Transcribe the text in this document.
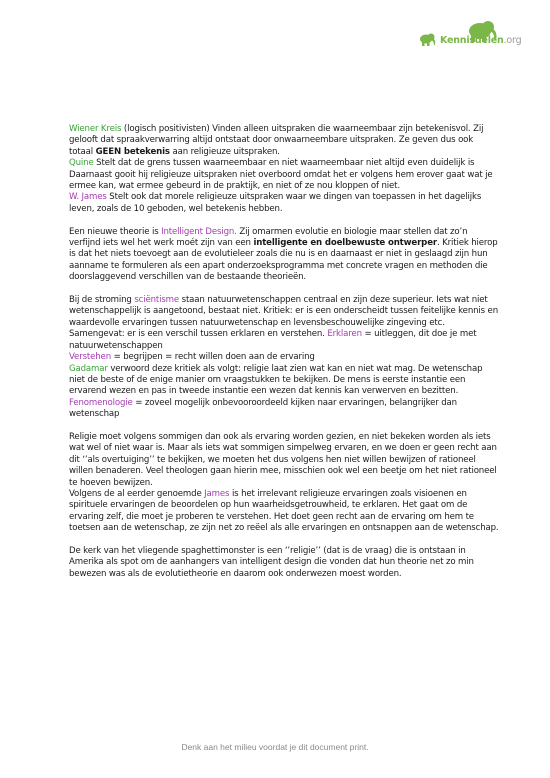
Kennisdelen.org

Wiener Kreis (logisch positivisten) Vinden alleen uitspraken die waarneembaar zijn betekenisvol. Zij gelooft dat spraakverwarring altijd ontstaat door onwaarneembare uitspraken. Ze geven dus ook totaal GEEN betekenis aan religieuze uitspraken.
Quine Stelt dat de grens tussen waarneembaar en niet waarneembaar niet altijd even duidelijk is Daarnaast gooit hij religieuze uitspraken niet overboord omdat het er volgens hem erover gaat wat je ermee kan, wat ermee gebeurd in de praktijk, en niet of ze nou kloppen of niet.
W. James Stelt ook dat morele religieuze uitspraken waar we dingen van toepassen in het dagelijks leven, zoals de 10 geboden, wel betekenis hebben.

Een nieuwe theorie is Intelligent Design. Zij omarmen evolutie en biologie maar stellen dat zo’n verfijnd iets wel het werk moét zijn van een intelligente en doelbewuste ontwerper. Kritiek hierop is dat het niets toevoegt aan de evolutieleer zoals die nu is en daarnaast er niet in geslaagd zijn hun aanname te formuleren als een apart onderzoeksprogramma met concrete vragen en methoden die doorslaggevend verschillen van de bestaande theorieën.

Bij de stroming sciëntisme staan natuurwetenschappen centraal en zijn deze superieur. Iets wat niet wetenschappelijk is aangetoond, bestaat niet. Kritiek: er is een onderscheidt tussen feitelijke kennis en waardevolle ervaringen tussen natuurwetenschap en levensbeschouwelijke zingeving etc. Samengevat: er is een verschil tussen erklaren en verstehen. Erklaren = uitleggen, dit doe je met natuurwetenschappen
Verstehen = begrijpen = recht willen doen aan de ervaring
Gadamar verwoord deze kritiek als volgt: religie laat zien wat kan en niet wat mag. De wetenschap niet de beste of de enige manier om vraagstukken te bekijken. De mens is eerste instantie een ervarend wezen en pas in tweede instantie een wezen dat kennis kan verwerven en bezitten.
Fenomenologie = zoveel mogelijk onbevooroordeeld kijken naar ervaringen, belangrijker dan wetenschap

Religie moet volgens sommigen dan ook als ervaring worden gezien, en niet bekeken worden als iets wat wel of niet waar is. Maar als iets wat sommigen simpelweg ervaren, en we doen er geen recht aan dit ‘’als overtuiging’’ te bekijken, we moeten het dus volgens hen niet willen bewijzen of rationeel willen benaderen. Veel theologen gaan hierin mee, misschien ook wel een beetje om het niet rationeel te hoeven bewijzen.
Volgens de al eerder genoemde James is het irrelevant religieuze ervaringen zoals visioenen en spirituele ervaringen de beoordelen op hun waarheidsgetrouwheid, te erklaren. Het gaat om de ervaring zelf, die moet je proberen te verstehen. Het doet geen recht aan de ervaring om hem te toetsen aan de wetenschap, ze zijn net zo reëel als alle ervaringen en ontsnappen aan de wetenschap.

De kerk van het vliegende spaghettimonster is een ‘’religie’’ (dat is de vraag) die is ontstaan in Amerika als spot om de aanhangers van intelligent design die vonden dat hun theorie net zo min bewezen was als de evolutietheorie en daarom ook onderwezen moest worden.

Denk aan het milieu voordat je dit document print.
